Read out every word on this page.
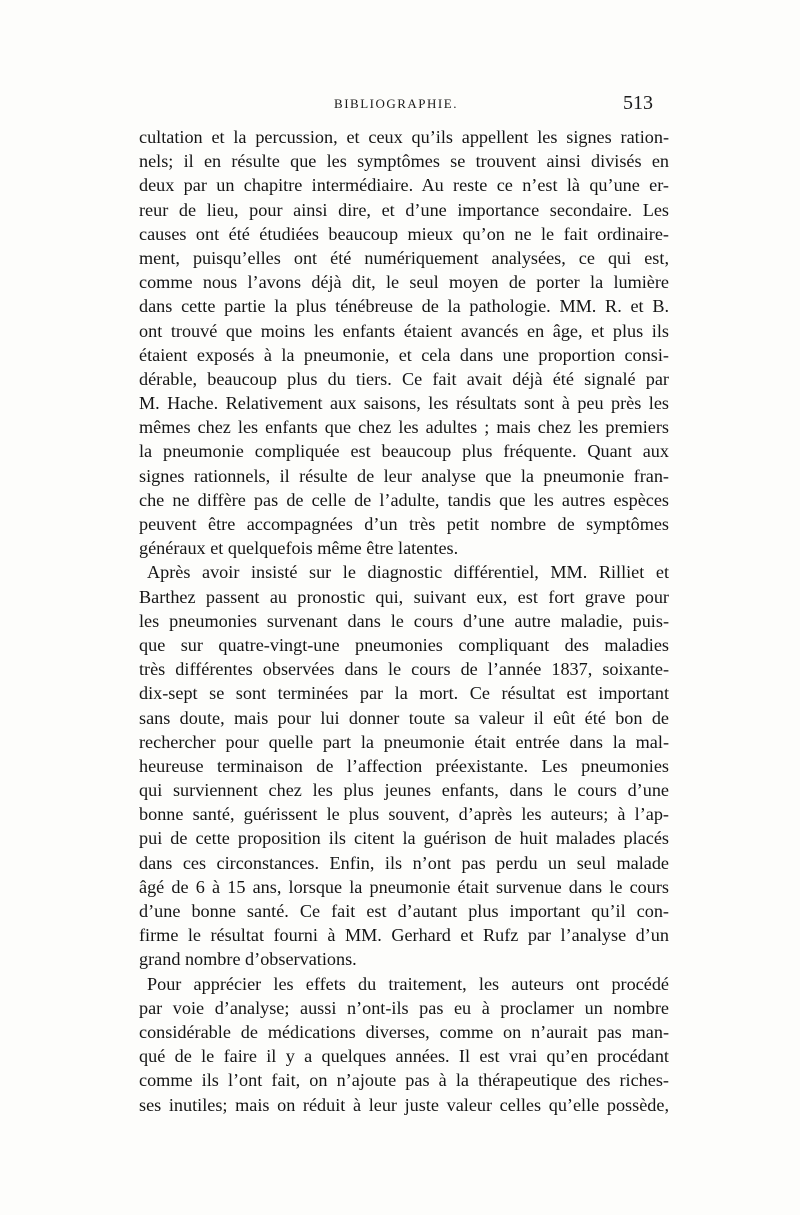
BIBLIOGRAPHIE.	513
cultation et la percussion, et ceux qu’ils appellent les signes ration-
nels; il en résulte que les symptômes se trouvent ainsi divisés en
deux par un chapitre intermédiaire. Au reste ce n’est là qu’une er-
reur de lieu, pour ainsi dire, et d’une importance secondaire. Les
causes ont été étudiées beaucoup mieux qu’on ne le fait ordinaire-
ment, puisqu’elles ont été numériquement analysées, ce qui est,
comme nous l’avons déjà dit, le seul moyen de porter la lumière
dans cette partie la plus ténébreuse de la pathologie. MM. R. et B.
ont trouvé que moins les enfants étaient avancés en âge, et plus ils
étaient exposés à la pneumonie, et cela dans une proportion consi-
dérable, beaucoup plus du tiers. Ce fait avait déjà été signalé par
M. Hache. Relativement aux saisons, les résultats sont à peu près les
mêmes chez les enfants que chez les adultes ; mais chez les premiers
la pneumonie compliquée est beaucoup plus fréquente. Quant aux
signes rationnels, il résulte de leur analyse que la pneumonie fran-
che ne diffère pas de celle de l’adulte, tandis que les autres espèces
peuvent être accompagnées d’un très petit nombre de symptômes
généraux et quelquefois même être latentes.
Après avoir insisté sur le diagnostic différentiel, MM. Rilliet et
Barthez passent au pronostic qui, suivant eux, est fort grave pour
les pneumonies survenant dans le cours d’une autre maladie, puis-
que sur quatre-vingt-une pneumonies compliquant des maladies
très différentes observées dans le cours de l’année 1837, soixante-
dix-sept se sont terminées par la mort. Ce résultat est important
sans doute, mais pour lui donner toute sa valeur il eût été bon de
rechercher pour quelle part la pneumonie était entrée dans la mal-
heureuse terminaison de l’affection préexistante. Les pneumonies
qui surviennent chez les plus jeunes enfants, dans le cours d’une
bonne santé, guérissent le plus souvent, d’après les auteurs; à l’ap-
pui de cette proposition ils citent la guérison de huit malades placés
dans ces circonstances. Enfin, ils n’ont pas perdu un seul malade
âgé de 6 à 15 ans, lorsque la pneumonie était survenue dans le cours
d’une bonne santé. Ce fait est d’autant plus important qu’il con-
firme le résultat fourni à MM. Gerhard et Rufz par l’analyse d’un
grand nombre d’observations.
Pour apprécier les effets du traitement, les auteurs ont procédé
par voie d’analyse; aussi n’ont-ils pas eu à proclamer un nombre
considérable de médications diverses, comme on n’aurait pas man-
qué de le faire il y a quelques années. Il est vrai qu’en procédant
comme ils l’ont fait, on n’ajoute pas à la thérapeutique des riches-
ses inutiles; mais on réduit à leur juste valeur celles qu’elle possède,
